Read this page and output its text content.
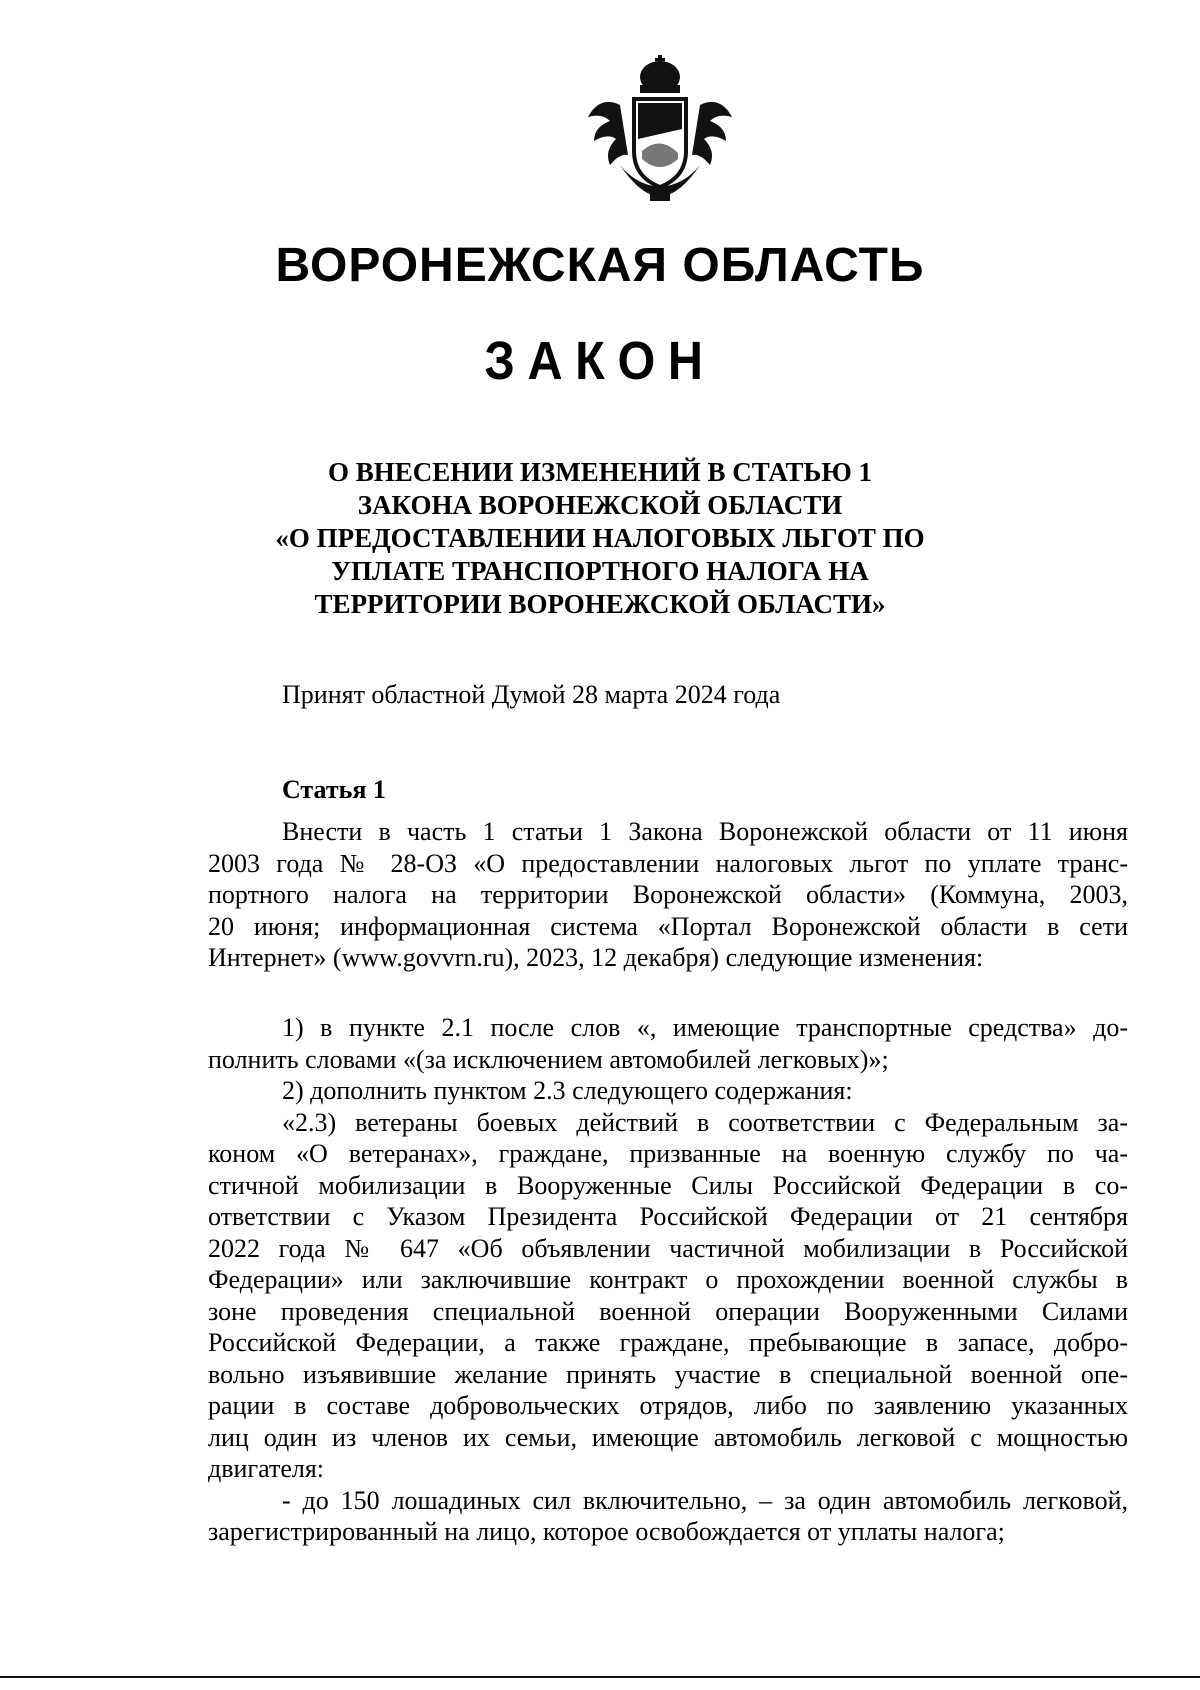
ВОРОНЕЖСКАЯ ОБЛАСТЬ
ЗАКОН
О ВНЕСЕНИИ ИЗМЕНЕНИЙ В СТАТЬЮ 1
ЗАКОНА ВОРОНЕЖСКОЙ ОБЛАСТИ
«О ПРЕДОСТАВЛЕНИИ НАЛОГОВЫХ ЛЬГОТ ПО
УПЛАТЕ ТРАНСПОРТНОГО НАЛОГА НА
ТЕРРИТОРИИ ВОРОНЕЖСКОЙ ОБЛАСТИ»
Принят областной Думой 28 марта 2024 года
Статья 1
Внести в часть 1 статьи 1 Закона Воронежской области от 11 июня
2003 года № 28-ОЗ «О предоставлении налоговых льгот по уплате транс-
портного налога на территории Воронежской области» (Коммуна, 2003,
20 июня; информационная система «Портал Воронежской области в сети
Интернет» (www.govvrn.ru), 2023, 12 декабря) следующие изменения:
1) в пункте 2.1 после слов «, имеющие транспортные средства» до-
полнить словами «(за исключением автомобилей легковых)»;
2) дополнить пунктом 2.3 следующего содержания:
«2.3) ветераны боевых действий в соответствии с Федеральным за-
коном «О ветеранах», граждане, призванные на военную службу по ча-
стичной мобилизации в Вооруженные Силы Российской Федерации в со-
ответствии с Указом Президента Российской Федерации от 21 сентября
2022 года № 647 «Об объявлении частичной мобилизации в Российской
Федерации» или заключившие контракт о прохождении военной службы в
зоне проведения специальной военной операции Вооруженными Силами
Российской Федерации, а также граждане, пребывающие в запасе, добро-
вольно изъявившие желание принять участие в специальной военной опе-
рации в составе добровольческих отрядов, либо по заявлению указанных
лиц один из членов их семьи, имеющие автомобиль легковой с мощностью
двигателя:
- до 150 лошадиных сил включительно, – за один автомобиль легковой,
зарегистрированный на лицо, которое освобождается от уплаты налога;
